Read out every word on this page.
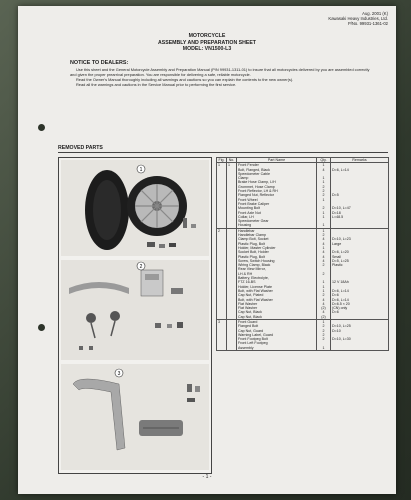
Aug. 2001 (K)
Kawasaki Heavy Industries, Ltd.
P/No. 99931-1361-02
MOTORCYCLE
ASSEMBLY AND PREPARATION SHEET
MODEL: VN1500-L3
NOTICE TO DEALERS:

Use this sheet and the General Motorcycle Assembly and Preparation Manual (P/N 99931-1311-01) to insure that all motorcycles delivered by you are assembled correctly and given the proper prearrival preparation. You are responsible for delivering a safe, reliable motorcycle.

Read the Owner's Manual thoroughly including all warnings and cautions so you can explain the contents to the new owner(s).

Read all the warnings and cautions in the Service Manual prior to performing the first service.

REMOVED PARTS
1
2
3
Fig.	No.	Part Name	Qty.	Remarks
1	1	Front Fender	1	
		Bolt, Flanged, Black	4	D=6, L=14
		Speedometer Cable		
		Clamp	1	
		Brake Hose Clamp, L/H	1	
		Grommet, Hose Clamp	2	
		Front Reflector, LH & RH	2	
		Flanged Nut, Reflector	2	D=5
		Front Wheel	1	
		Front Brake Caliper		
		Mounting Bolt	2	D=10, L=47
		Front Axle Nut	1	D=18
		Collar, LH	1	L=48.5
		Speedometer Gear		
		Housing	1	
2		Handlebar	1	
		Handlebar Clamp	2	
		Clamp Bolt, Socket	4	D=10, L=23
		Plastic Plug, Bolt	4	Large
		Holder, Master Cylinder	1	
		Socket Bolt, Holder	4	D=6, L=20
		Plastic Plug, Bolt	4	Small
		Screw, Switch Housing	4	D=5, L=25
		Wiring Clamp, Black	2	Plastic
		Rear View Mirror,		
		LH & RH	2	
		Battery, Electrolyte,		
		FTZ 16-BS	1	12 V 18Ah
		Holder, License Plate	1	
		Bolt, with Flat Washer	1	D=6, L=14
		Cap Nut, Plated	2	D=6
		Bolt, with Flat Washer	4	D=6, L=14
		Flat Washer	4	D=6.5 × 20
		Flat Washer	(2)	(CN) only
		Cap Nut, Black	4	D=6
		Cap Nut, Black	(2)	
3		Front Guard	1	
		Flanged Bolt	2	D=10, L=25
		Cap Nut, Guard	2	D=10
		Warning Label, Guard	2	
		Front Footpeg Bolt	2	D=10, L=30
		Front Left Footpeg		
		Assembly	1	
- 1 -
